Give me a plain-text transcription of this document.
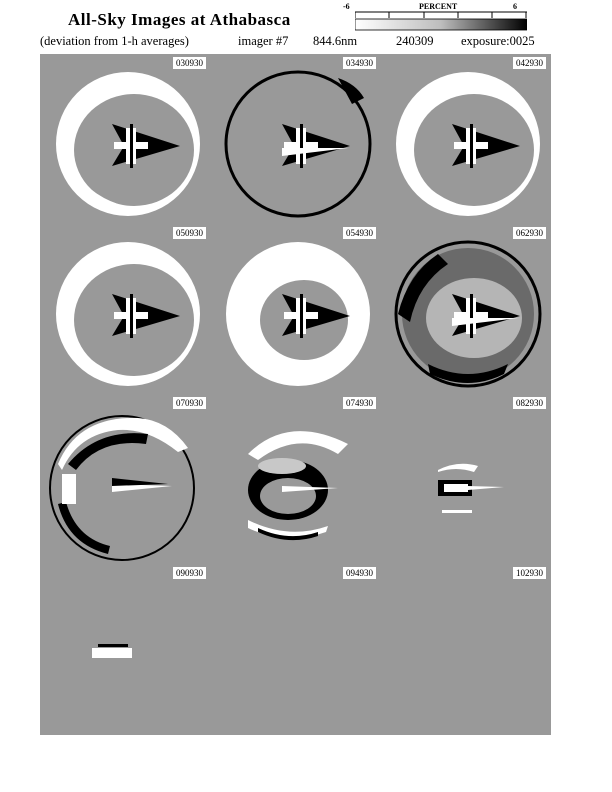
All-Sky Images at Athabasca
(deviation from 1-h averages)	imager #7 844.6nm	240309 exposure:0025
-6	PERCENT	6
030930	034930	042930
050930	054930	062930
070930	074930	082930
090930	094930	102930
